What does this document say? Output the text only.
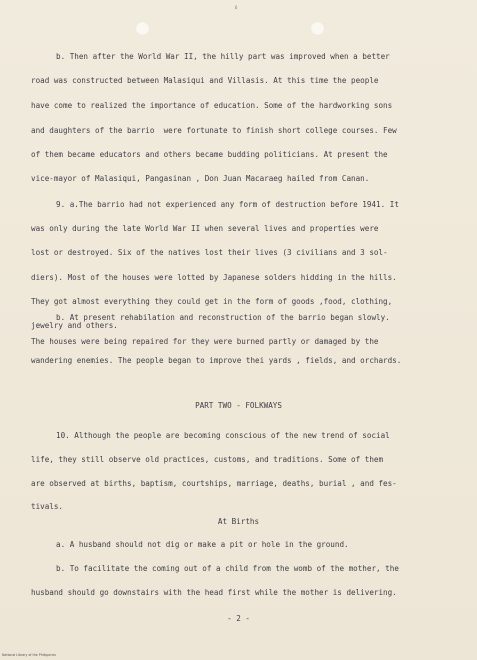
6
b. Then after the World War II, the hilly part was improved when a better
road was constructed between Malasiqui and Villasis. At this time the people
have come to realized the importance of education. Some of the hardworking sons
and daughters of the barrio  were fortunate to finish short college courses. Few
of them became educators and others became budding politicians. At present the
vice-mayor of Malasiqui, Pangasinan , Don Juan Macaraeg hailed from Canan.
9. a.The barrio had not experienced any form of destruction before 1941. It
was only during the late World War II when several lives and properties were
lost or destroyed. Six of the natives lost their lives (3 civilians and 3 sol-
diers). Most of the houses were lotted by Japanese solders hidding in the hills.
They got almost everything they could get in the form of goods ,food, clothing,
jewelry and others.
b. At present rehabilation and reconstruction of the barrio began slowly.
The houses were being repaired for they were burned partly or damaged by the
wandering enemies. The people began to improve thei yards , fields, and orchards.
PART TWO - FOLKWAYS
10. Although the people are becoming conscious of the new trend of social
life, they still observe old practices, customs, and traditions. Some of them
are observed at births, baptism, courtships, marriage, deaths, burial , and fes-
tivals.
At Births
a. A husband should not dig or make a pit or hole in the ground.
b. To facilitate the coming out of a child from the womb of the mother, the
husband should go downstairs with the head first while the mother is delivering.
- 2 -
National Library of the Philippines
